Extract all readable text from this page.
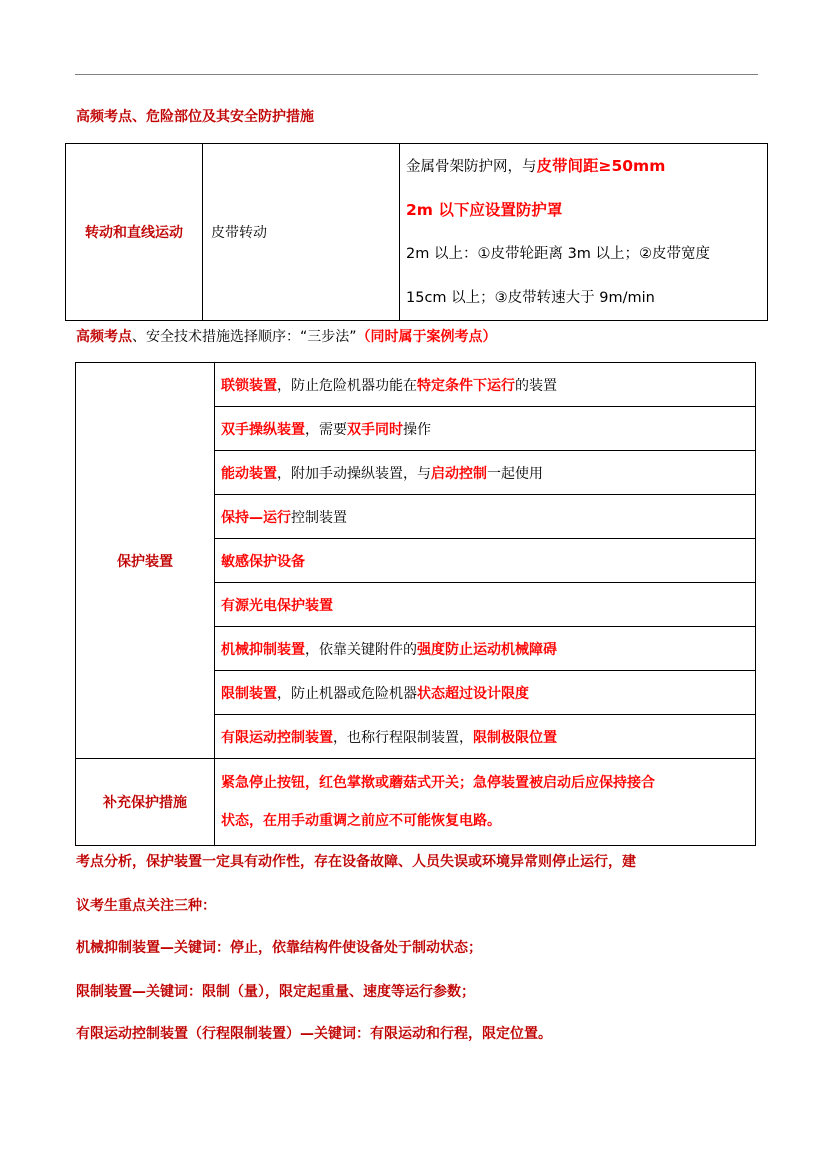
高频考点、危险部位及其安全防护措施
转动和直线运动	皮带转动	
金属骨架防护网，与皮带间距≥50mm
2m 以下应设置防护罩
2m 以上：①皮带轮距离 3m 以上；②皮带宽度
15cm 以上；③皮带转速大于 9m/min
高频考点、安全技术措施选择顺序：“三步法”（同时属于案例考点）
保护装置	联锁装置，防止危险机器功能在特定条件下运行的装置
	双手操纵装置，需要双手同时操作
	能动装置，附加手动操纵装置，与启动控制一起使用
	保持—运行控制装置
	敏感保护设备
	有源光电保护装置
	机械抑制装置，依靠关键附件的强度防止运动机械障碍
	限制装置，防止机器或危险机器状态超过设计限度
	有限运动控制装置，也称行程限制装置，限制极限位置
补充保护措施	紧急停止按钮，红色掌揿或蘑菇式开关；急停装置被启动后应保持接合
状态，在用手动重调之前应不可能恢复电路。
考点分析，保护装置一定具有动作性，存在设备故障、人员失误或环境异常则停止运行，建
议考生重点关注三种：
机械抑制装置—关键词：停止，依靠结构件使设备处于制动状态；
限制装置—关键词：限制（量），限定起重量、速度等运行参数；
有限运动控制装置（行程限制装置）—关键词：有限运动和行程，限定位置。
